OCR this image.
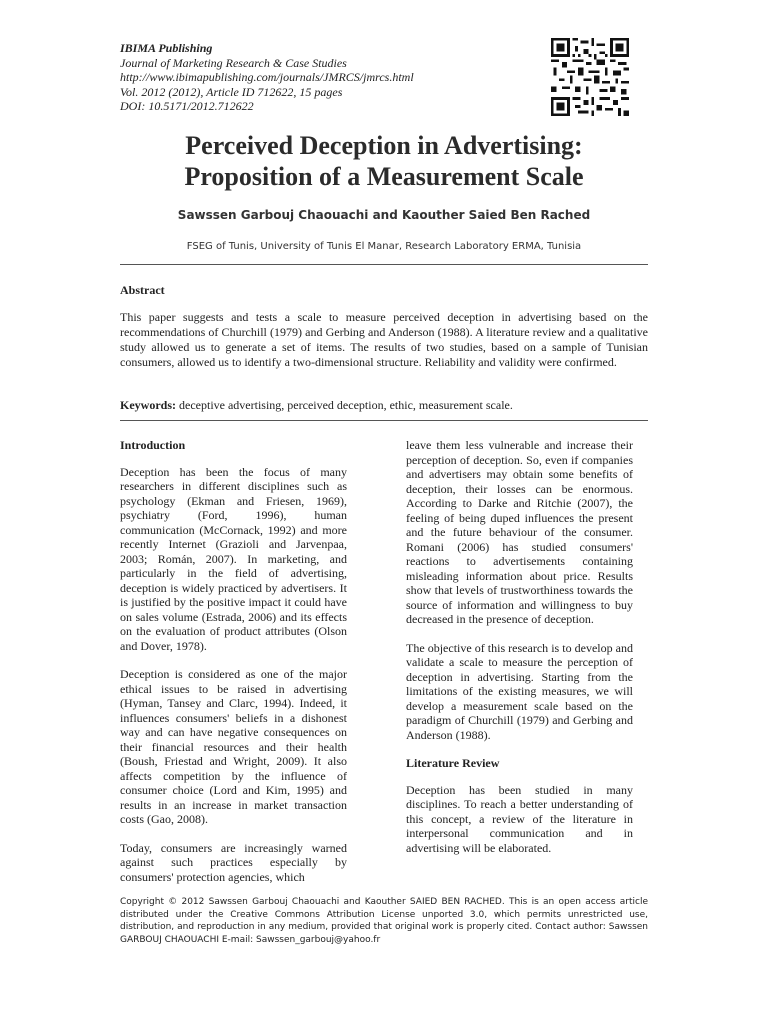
IBIMA Publishing
Journal of Marketing Research & Case Studies
http://www.ibimapublishing.com/journals/JMRCS/jmrcs.html
Vol. 2012 (2012), Article ID 712622, 15 pages
DOI: 10.5171/2012.712622
Perceived Deception in Advertising:
Proposition of a Measurement Scale
Sawssen Garbouj Chaouachi and Kaouther Saied Ben Rached
FSEG of Tunis, University of Tunis El Manar, Research Laboratory ERMA, Tunisia
Abstract
This paper suggests and tests a scale to measure perceived deception in advertising based on the recommendations of Churchill (1979) and Gerbing and Anderson (1988). A literature review and a qualitative study allowed us to generate a set of items. The results of two studies, based on a sample of Tunisian consumers, allowed us to identify a two-dimensional structure. Reliability and validity were confirmed.
Keywords: deceptive advertising, perceived deception, ethic, measurement scale.
Introduction

Deception has been the focus of many researchers in different disciplines such as psychology (Ekman and Friesen, 1969), psychiatry (Ford, 1996), human communication (McCornack, 1992) and more recently Internet (Grazioli and Jarvenpaa, 2003; Román, 2007). In marketing, and particularly in the field of advertising, deception is widely practiced by advertisers. It is justified by the positive impact it could have on sales volume (Estrada, 2006) and its effects on the evaluation of product attributes (Olson and Dover, 1978).

Deception is considered as one of the major ethical issues to be raised in advertising (Hyman, Tansey and Clarc, 1994). Indeed, it influences consumers' beliefs in a dishonest way and can have negative consequences on their financial resources and their health (Boush, Friestad and Wright, 2009). It also affects competition by the influence of consumer choice (Lord and Kim, 1995) and results in an increase in market transaction costs (Gao, 2008).

Today, consumers are increasingly warned against such practices especially by consumers' protection agencies, which

leave them less vulnerable and increase their perception of deception. So, even if companies and advertisers may obtain some benefits of deception, their losses can be enormous. According to Darke and Ritchie (2007), the feeling of being duped influences the present and the future behaviour of the consumer. Romani (2006) has studied consumers' reactions to advertisements containing misleading information about price. Results show that levels of trustworthiness towards the source of information and willingness to buy decreased in the presence of deception.

The objective of this research is to develop and validate a scale to measure the perception of deception in advertising. Starting from the limitations of the existing measures, we will develop a measurement scale based on the paradigm of Churchill (1979) and Gerbing and Anderson (1988).

Literature Review

Deception has been studied in many disciplines. To reach a better understanding of this concept, a review of the literature in interpersonal communication and in advertising will be elaborated.

Copyright © 2012 Sawssen Garbouj Chaouachi and Kaouther SAIED BEN RACHED. This is an open access article distributed under the Creative Commons Attribution License unported 3.0, which permits unrestricted use, distribution, and reproduction in any medium, provided that original work is properly cited. Contact author: Sawssen GARBOUJ CHAOUACHI E-mail: Sawssen_garbouj@yahoo.fr
